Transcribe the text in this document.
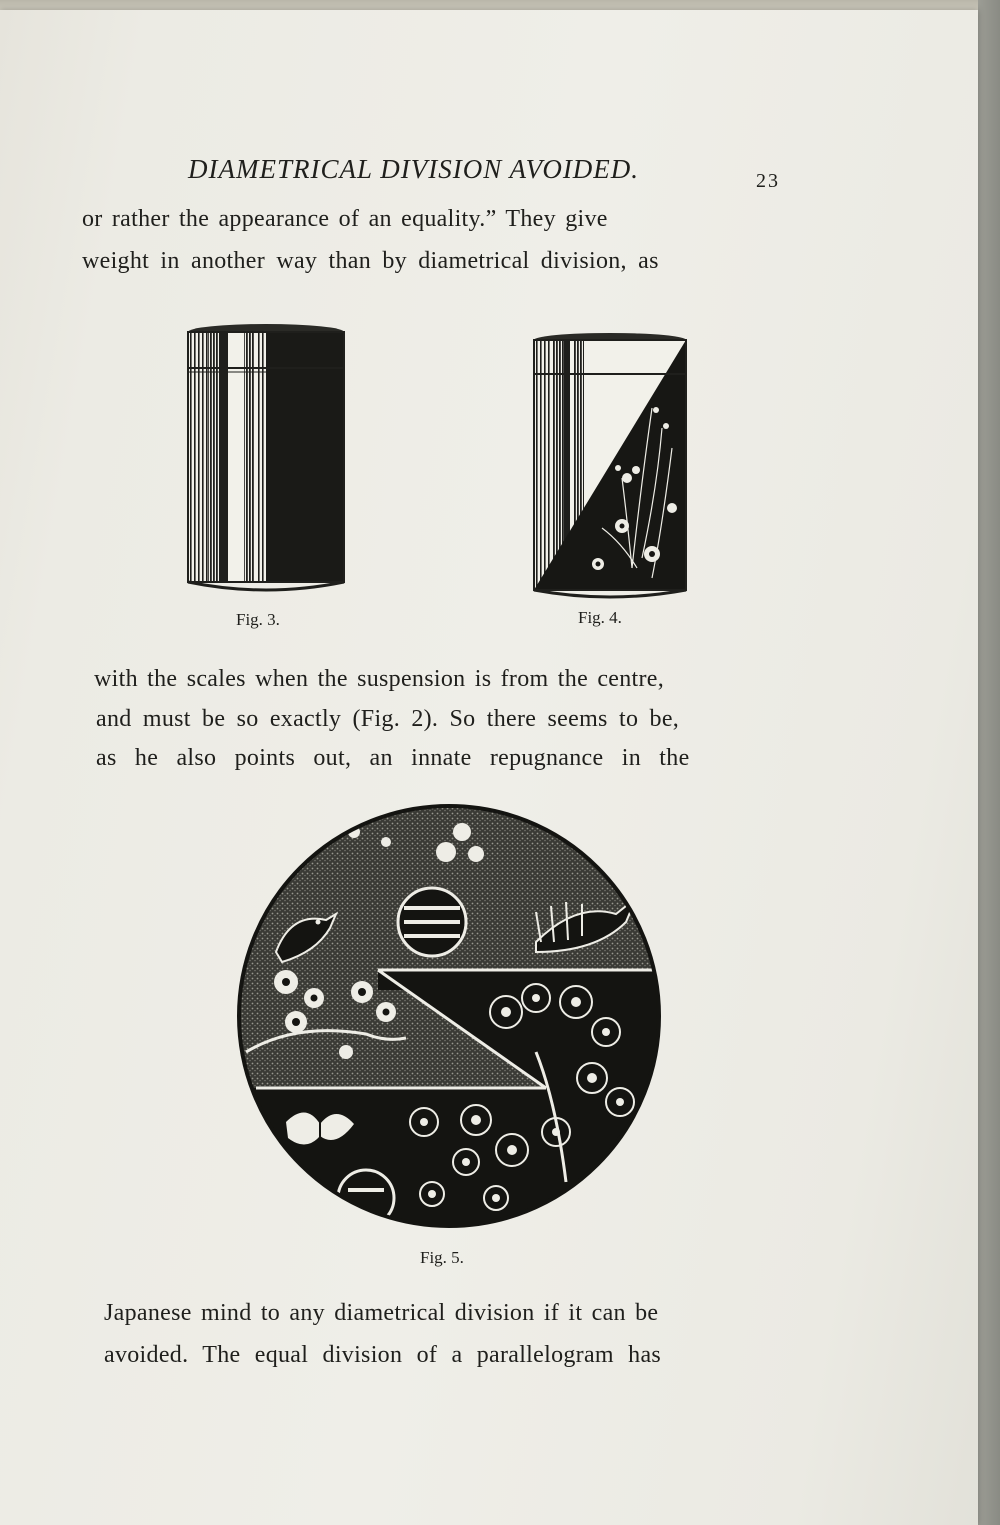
DIAMETRICAL DIVISION AVOIDED.	23
or rather the appearance of an equality.” They give
weight in another way than by diametrical division, as
Fig. 3.	Fig. 4.
with the scales when the suspension is from the centre,
and must be so exactly (Fig. 2). So there seems to be,
as he also points out, an innate repugnance in the
Fig. 5.
Japanese mind to any diametrical division if it can be
avoided. The equal division of a parallelogram has
